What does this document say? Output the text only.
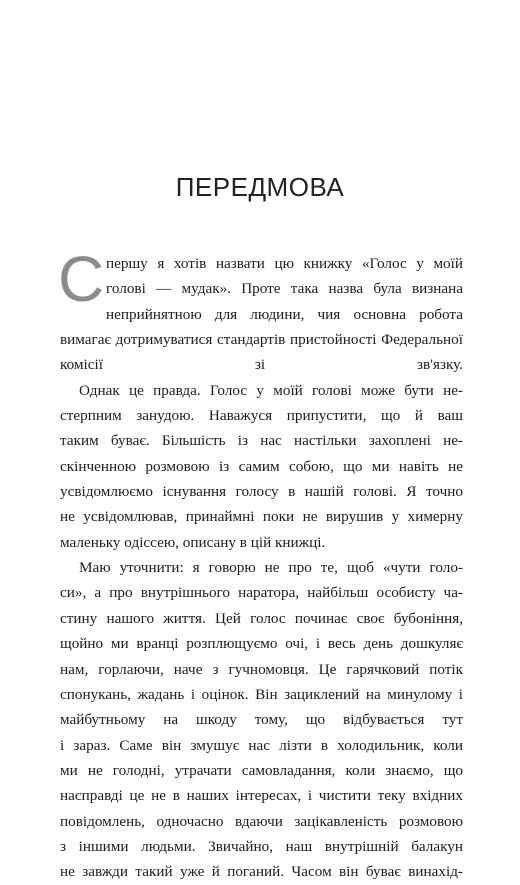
ПЕРЕДМОВА
С першу я хотів назвати цю книжку «Голос у моїй
голові — мудак». Проте така назва була визнана
неприйнятною для людини, чия основна робота
вимагає дотримуватися стандартів пристойності Федеральної комісії зі зв'язку.
Однак це правда. Голос у моїй голові може бути не-
стерпним занудою. Наважуся припустити, що й ваш
таким буває. Більшість із нас настільки захоплені не-
скінченною розмовою із самим собою, що ми навіть не
усвідомлюємо існування голосу в нашій голові. Я точно
не усвідомлював, принаймні поки не вирушив у химерну
маленьку одіссею, описану в цій книжці.
Маю уточнити: я говорю не про те, щоб «чути голо-
си», а про внутрішнього наратора, найбільш особисту ча-
стину нашого життя. Цей голос починає своє бубоніння,
щойно ми вранці розплющуємо очі, і весь день дошкуляє
нам, горлаючи, наче з гучномовця. Це гарячковий потік
спонукань, жадань і оцінок. Він зациклений на минулому і майбутньому на шкоду тому, що відбувається тут
і зараз. Саме він змушує нас лізти в холодильник, коли
ми не голодні, утрачати самовладання, коли знаємо, що
насправді це не в наших інтересах, і чистити теку вхідних
повідомлень, одночасно вдаючи зацікавленість розмовою
з іншими людьми. Звичайно, наш внутрішній балакун
не завжди такий уже й поганий. Часом він буває винахід-
